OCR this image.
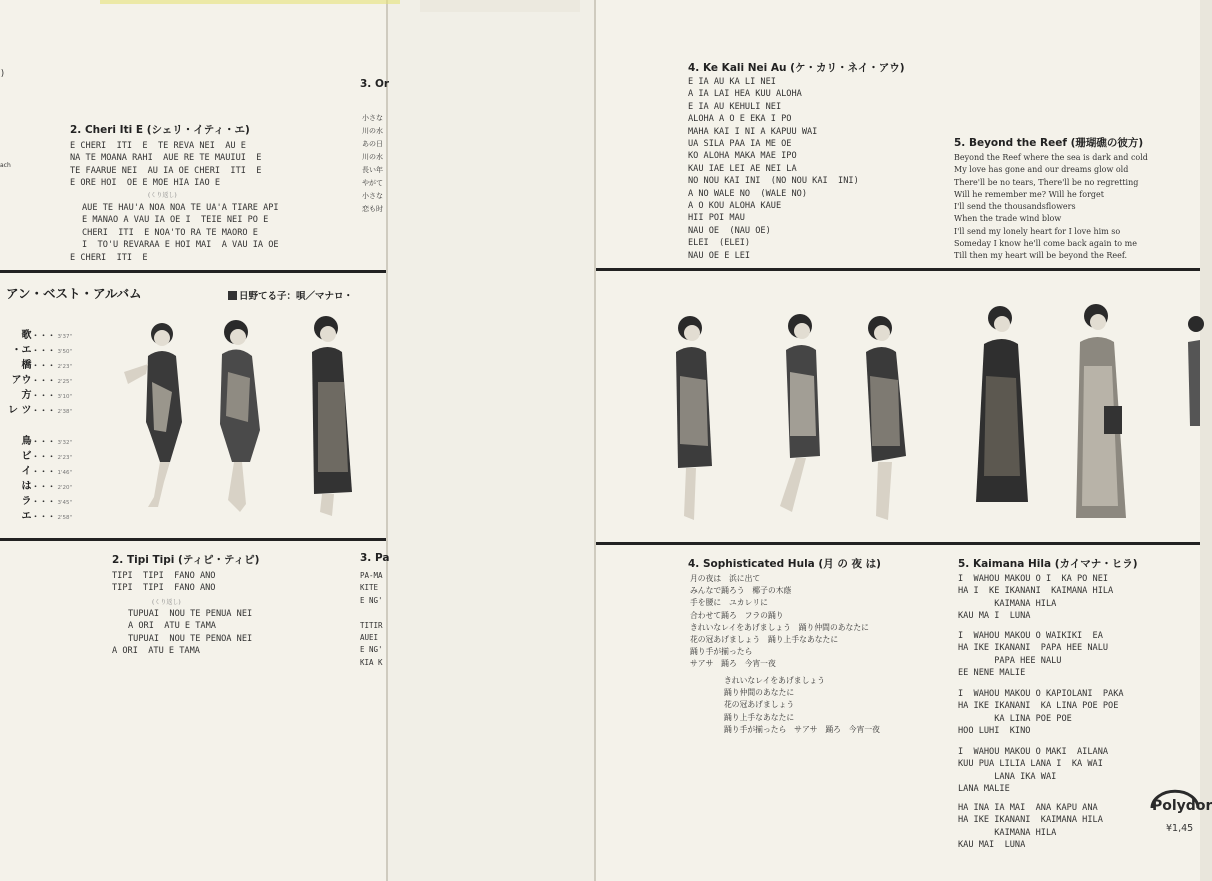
)
ach
2. Cheri Iti E (シェリ・イティ・エ)
E CHERI  ITI  E  TE REVA NEI  AU E
NA TE MOANA RAHI  AUE RE TE MAUIUI  E
TE FAARUE NEI  AU IA OE CHERI  ITI  E
E ORE HOI  OE E MOE HIA IAO E
(くり返し)
AUE TE HAU'A NOA NOA TE UA'A TIARE API
E MANAO A VAU IA OE I  TEIE NEI PO E
CHERI  ITI  E NOA'TO RA TE MAORO E
I  TO'U REVARAA E HOI MAI  A VAU IA OE
E CHERI  ITI  E
3. Or
小さな
川の水
あの日
川の水
長い年
やがて
小さな
恋も时
アン・ベスト・アルバム	日野てる子：唄／マナロ・
歌・・・ 3'37"
・エ・・・ 3'50"
橋・・・ 2'23"
アウ・・・ 2'25"
方・・・ 3'10"
レ ツ・・・ 2'38"
鳥・・・ 3'32"
ビ・・・ 2'23"
イ・・・ 1'46"
は・・・ 2'20"
ラ・・・ 3'45"
エ・・・ 2'58"
2. Tipi Tipi (ティピ・ティピ)
TIPI  TIPI  FANO ANO
TIPI  TIPI  FANO ANO
(くり返し)
TUPUAI  NOU TE PENUA NEI
A ORI  ATU E TAMA
TUPUAI  NOU TE PENOA NEI
A ORI  ATU E TAMA
3. Pa
PA-MA
KITE
E NG'
TITIR
AUEI
E NG'
KIA K
4. Ke Kali Nei Au (ケ・カリ・ネイ・アウ)
E IA AU KA LI NEI
A IA LAI HEA KUU ALOHA
E IA AU KEHULI NEI
ALOHA A O E EKA I PO
MAHA KAI I NI A KAPUU WAI
UA SILA PAA IA ME OE
KO ALOHA MAKA MAE IPO
KAU IAE LEI AE NEI LA
NO NOU KAI INI  (NO NOU KAI  INI)
A NO WALE NO  (WALE NO)
A O KOU ALOHA KAUE
HII POI MAU
NAU OE  (NAU OE)
ELEI  (ELEI)
NAU OE E LEI
5. Beyond the Reef (珊瑚礁の彼方)
Beyond the Reef where the sea is dark and cold
My love has gone and our dreams glow old
There'll be no tears, There'll be no regretting
Will he remember me? Will he forget
I'll send the thousandsflowers
When the trade wind blow
I'll send my lonely heart for I love him so
Someday I know he'll come back again to me
Till then my heart will be beyond the Reef.
4. Sophisticated Hula (月 の 夜 は)
月の夜は　浜に出て
みんなで踊ろう　椰子の木蔭
手を腰に　ユカレリに
合わせて踊ろ　フラの踊り
きれいなレイをあげましょう　踊り仲間のあなたに
花の冠あげましょう　踊り上手なあなたに
踊り手が揃ったら
サアサ　踊ろ　今宵一夜
きれいなレイをあげましょう
踊り仲間のあなたに
花の冠あげましょう
踊り上手なあなたに
踊り手が揃ったら　サアサ　踊ろ　今宵一夜
5. Kaimana Hila (カイマナ・ヒラ)
I  WAHOU MAKOU O I  KA PO NEI
HA I  KE IKANANI  KAIMANA HILA
KAIMANA HILA
KAU MA I  LUNA
I  WAHOU MAKOU O WAIKIKI  EA
HA IKE IKANANI  PAPA HEE NALU
PAPA HEE NALU
EE NENE MALIE
I  WAHOU MAKOU O KAPIOLANI  PAKA
HA IKE IKANANI  KA LINA POE POE
KA LINA POE POE
HOO LUHI  KINO
I  WAHOU MAKOU O MAKI  AILANA
KUU PUA LILIA LANA I  KA WAI
LANA IKA WAI
LANA MALIE
HA INA IA MAI  ANA KAPU ANA
HA IKE IKANANI  KAIMANA HILA
KAIMANA HILA
KAU MAI  LUNA
Polydor
¥1,45
